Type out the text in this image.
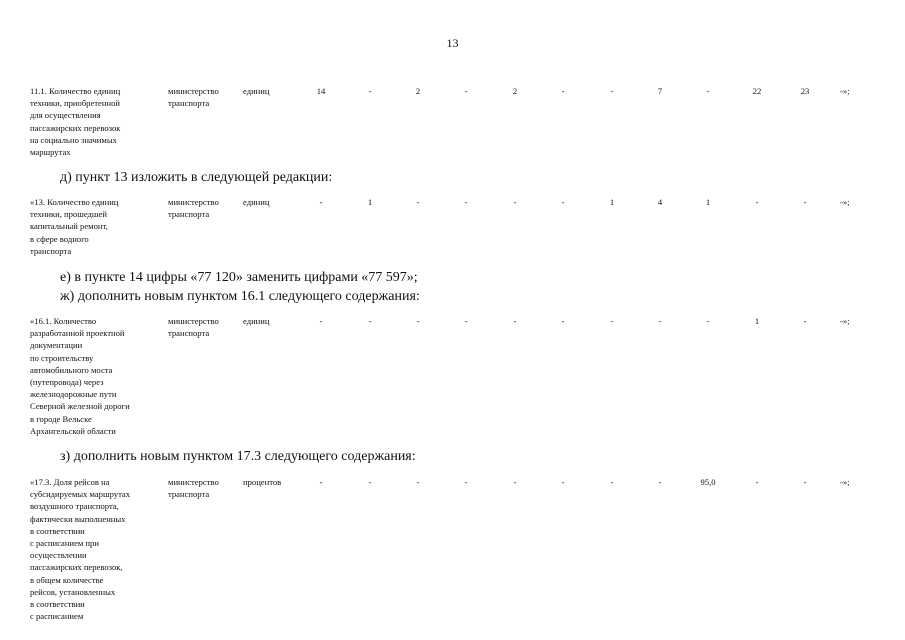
13
11.1. Количество единиц
техники, приобретенной
для осуществления
пассажирских перевозок
на социально значимых
маршрутах
министерство
транспорта
единиц	14	-	2	-	2	-	-	7	-	22	23	-»;
д) пункт 13 изложить в следующей редакции:
«13. Количество единиц
техники, прошедшей
капитальный ремонт,
в сфере водного
транспорта
министерство
транспорта
единиц	-	1	-	-	-	-	1	4	1	-	-	-»;
е) в пункте 14 цифры «77 120» заменить цифрами «77 597»;
ж) дополнить новым пунктом 16.1 следующего содержания:
«16.1. Количество
разработанной проектной
документации
по строительству
автомобильного моста
(путепровода) через
железнодорожные пути
Северной железной дороги
в городе Вельске
Архангельской области
министерство
транспорта
единиц	-	-	-	-	-	-	-	-	-	1	-	-»;
з) дополнить новым пунктом 17.3 следующего содержания:
«17.3. Доля рейсов на
субсидируемых маршрутах
воздушного транспорта,
фактически выполненных
в соответствии
с расписанием при
осуществлении
пассажирских перевозок,
в общем количестве
рейсов, установленных
в соответствии
с расписанием
министерство
транспорта
процентов	-	-	-	-	-	-	-	-	95,0	-	-	-»;
